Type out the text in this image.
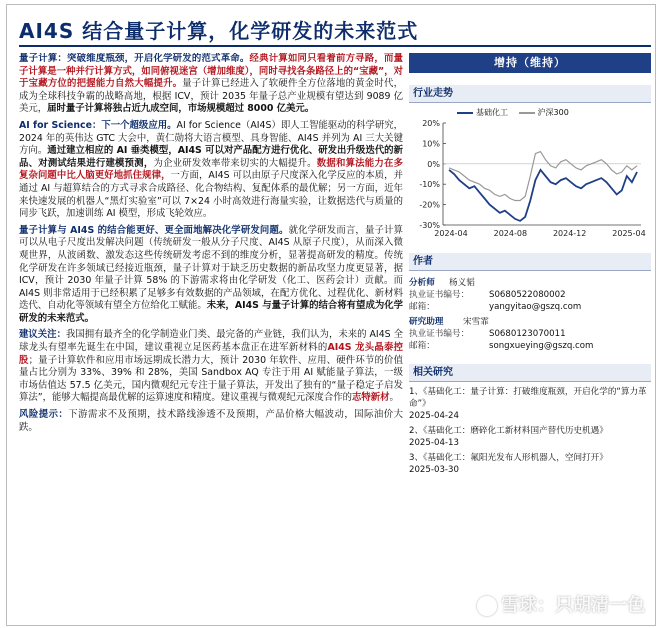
AI4S 结合量子计算，化学研发的未来范式

量子计算：突破维度瓶颈，开启化学研发的范式革命。经典计算如同只看着前方寻路，而量子计算是一种并行计算方式，如同俯视迷宫（增加维度），同时寻找各条路径上的“宝藏”，对于宝藏方位的把握能力自然大幅提升。量子计算已经进入了软硬件全方位落地的黄金时代，成为全球科技争霸的战略高地，根据 ICV，预计 2035 年量子总产业规模有望达到 9089 亿美元，届时量子计算将独占近九成空间，市场规模超过 8000 亿美元。

AI for Science：下一个超级应用。AI for Science（AI4S）即人工智能驱动的科学研究，2024 年的英伟达 GTC 大会中，黄仁勋将大语言模型、具身智能、AI4S 并列为 AI 三大关键方向。通过建立相应的 AI 垂类模型，AI4S 可以对产品配方进行优化、研发出升级迭代的新品、对测试结果进行建模预测，为企业研发效率带来切实的大幅提升。数据和算法能力在多复杂问题中比人脑更好地抓住规律，一方面，AI4S 可以由原子尺度深入化学反应的本质，并通过 AI 与超算结合的方式寻求合成路径、化合物结构、复配体系的最优解；另一方面，近年来快速发展的机器人“黑灯实验室”可以 7×24 小时高效进行海量实验，让数据迭代与质量的同步飞跃，加速训练 AI 模型，形成飞轮效应。

量子计算与 AI4S 的结合能更好、更全面地解决化学研发问题。就化学研发而言，量子计算可以从电子尺度出发解决问题（传统研发一般从分子尺度、AI4S 从原子尺度），从而深入微观世界，从波函数、激发态这些传统研发考虑不到的维度分析，显著提高研发的精度。传统化学研发在许多领域已经接近瓶颈，量子计算对于缺乏历史数据的新品攻坚力度更显著，据 ICV，预计 2030 年量子计算 58% 的下游需求将由化学研发（化工、医药会计）贡献。而 AI4S 则非常适用于已经积累了足够多有效数据的产品领域，在配方优化、过程优化、新材料迭代、自动化等领域有望全方位给化工赋能。未来，AI4S 与量子计算的结合将有望成为化学研发的未来范式。

建议关注：我国拥有最齐全的化学制造业门类、最完备的产业链，我们认为，未来的 AI4S 全球龙头有望率先诞生在中国，建议重视立足医药基本盘正在进军新材料的AI4S 龙头晶泰控股；量子计算软件和应用市场远期成长潜力大，预计 2030 年软件、应用、硬件环节的价值量占比分别为 33%、39% 和 28%，美国 Sandbox AQ 专注于用 AI 赋能量子算法，一级市场估值达 57.5 亿美元，国内微观纪元专注于量子算法，开发出了独有的“量子稳定子启发算法”，能够大幅提高最优解的运算速度和精度。建议重视与微观纪元深度合作的志特新材。

风险提示：下游需求不及预期，技术路线渗透不及预期，产品价格大幅波动，国际油价大跌。

增持（维持）
行业走势
基础化工	沪深300
20%
10%
0%
-10%
-20%
-30%
2024-04	2024-08	2024-12	2025-04
作者
分析师 杨义韬
执业证书编号： S0680522080002
邮箱：	yangyitao@gszq.com
研究助理 宋雪霏
执业证书编号： S0680123070011
邮箱：	songxueying@gszq.com
相关研究
1、《基础化工：量子计算：打破维度瓶颈，开启化学的“算力革命”》
2025-04-24
2、《基础化工：磨碎化工新材料国产替代历史机遇》
2025-04-13
3、《基础化工：氟阳光发布人形机器人，空间打开》
2025-03-30
雪球：只胡清一色
